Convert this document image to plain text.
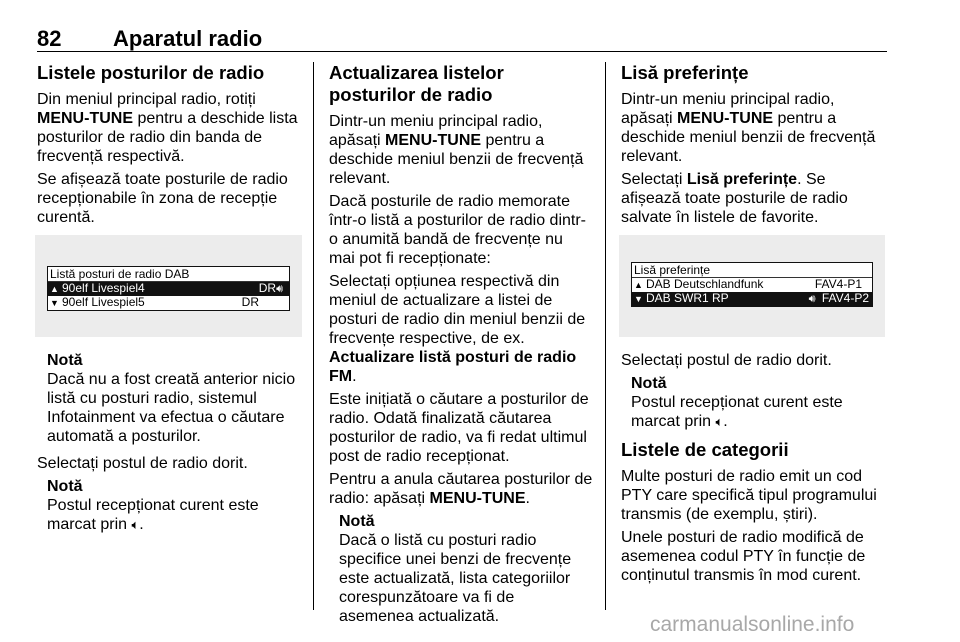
82 Aparatul radio
Listele posturilor de radio

Din meniul principal radio, rotiți MENU-TUNE pentru a deschide lista posturilor de radio din banda de frecvență respectivă.

Se afișează toate posturile de radio recepționabile în zona de recepție curentă.

Listă posturi de radio DAB
▲ 90elf Livespiel4	DR🔊︎
▼ 90elf Livespiel5	DR
Notă
Dacă nu a fost creată anterior nicio listă cu posturi radio, sistemul Infotainment va efectua o căutare automată a posturilor.

Selectați postul de radio dorit.

Notă
Postul recepționat curent este marcat prin 🔈︎.
Actualizarea listelor posturilor de radio

Dintr-un meniu principal radio, apăsați MENU-TUNE pentru a deschide meniul benzii de frecvență relevant.

Dacă posturile de radio memorate într-o listă a posturilor de radio dintr-o anumită bandă de frecvențe nu mai pot fi recepționate:

Selectați opțiunea respectivă din meniul de actualizare a listei de posturi de radio din meniul benzii de frecvențe respective, de ex. Actualizare listă posturi de radio FM.

Este inițiată o căutare a posturilor de radio. Odată finalizată căutarea posturilor de radio, va fi redat ultimul post de radio recepționat.

Pentru a anula căutarea posturilor de radio: apăsați MENU-TUNE.

Notă
Dacă o listă cu posturi radio specifice unei benzi de frecvențe este actualizată, lista categoriilor corespunzătoare va fi de asemenea actualizată.
Lisă preferințe

Dintr-un meniu principal radio, apăsați MENU-TUNE pentru a deschide meniul benzii de frecvență relevant.

Selectați Lisă preferințe. Se afișează toate posturile de radio salvate în listele de favorite.

Lisă preferințe
▲ DAB Deutschlandfunk	FAV4-P1
▼ DAB SWR1 RP	🔊︎ FAV4-P2

Selectați postul de radio dorit.

Notă
Postul recepționat curent este marcat prin 🔈︎.
Listele de categorii

Multe posturi de radio emit un cod PTY care specifică tipul programului transmis (de exemplu, știri).

Unele posturi de radio modifică de asemenea codul PTY în funcție de conținutul transmis în mod curent.

carmanualsonline.info
